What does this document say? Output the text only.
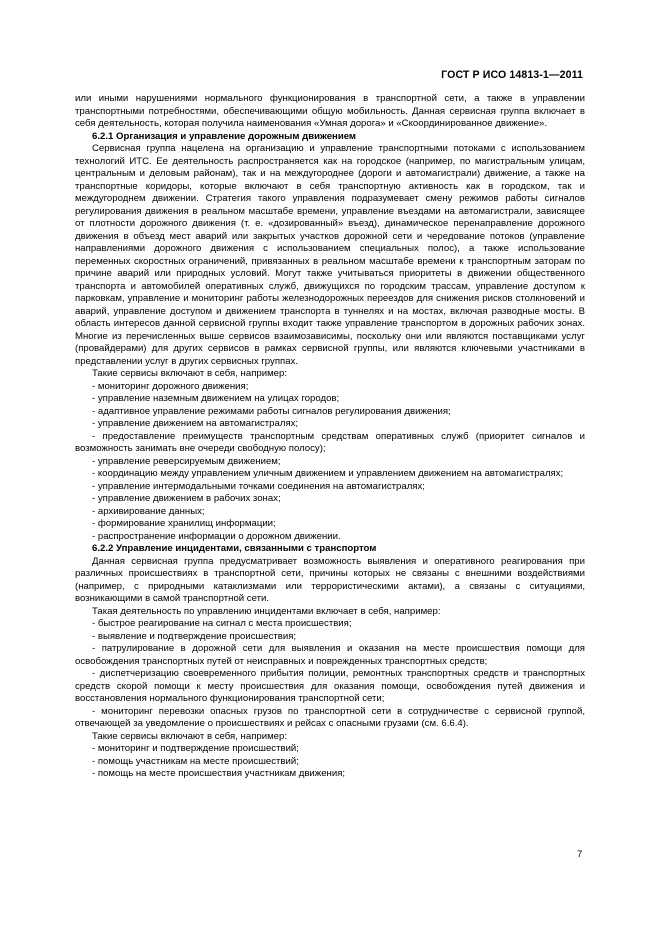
ГОСТ Р ИСО 14813-1—2011

или иными нарушениями нормального функционирования в транспортной сети, а также в управлении транспортными потребностями, обеспечивающими общую мобильность. Данная сервисная группа включает в себя деятельность, которая получила наименования «Умная дорога» и «Скоординированное движение».

6.2.1 Организация и управление дорожным движением

Сервисная группа нацелена на организацию и управление транспортными потоками с использованием технологий ИТС. Ее деятельность распространяется как на городское (например, по магистральным улицам, центральным и деловым районам), так и на междугороднее (дороги и автомагистрали) движение, а также на транспортные коридоры, которые включают в себя транспортную активность как в городском, так и междугороднем движении. Стратегия такого управления подразумевает смену режимов работы сигналов регулирования движения в реальном масштабе времени, управление въездами на автомагистрали, зависящее от плотности дорожного движения (т. е. «дозированный» въезд), динамическое перенаправление дорожного движения в объезд мест аварий или закрытых участков дорожной сети и чередование потоков (управление направлениями дорожного движения с использованием специальных полос), а также использование переменных скоростных ограничений, привязанных в реальном масштабе времени к транспортным заторам по причине аварий или природных условий. Могут также учитываться приоритеты в движении общественного транспорта и автомобилей оперативных служб, движущихся по городским трассам, управление доступом к парковкам, управление и мониторинг работы железнодорожных переездов для снижения рисков столкновений и аварий, управление доступом и движением транспорта в туннелях и на мостах, включая разводные мосты. В область интересов данной сервисной группы входит также управление транспортом в дорожных рабочих зонах. Многие из перечисленных выше сервисов взаимозависимы, поскольку они или являются поставщиками услуг (провайдерами) для других сервисов в рамках сервисной группы, или являются ключевыми участниками в представлении услуг в других сервисных группах.

Такие сервисы включают в себя, например:

- мониторинг дорожного движения;

- управление наземным движением на улицах городов;

- адаптивное управление режимами работы сигналов регулирования движения;

- управление движением на автомагистралях;

- предоставление преимуществ транспортным средствам оперативных служб (приоритет сигналов и возможность занимать вне очереди свободную полосу);

- управление реверсируемым движением;

- координацию между управлением уличным движением и управлением движением на автомагистралях;

- управление интермодальными точками соединения на автомагистралях;

- управление движением в рабочих зонах;

- архивирование данных;

- формирование хранилищ информации;

- распространение информации о дорожном движении.

6.2.2 Управление инцидентами, связанными с транспортом

Данная сервисная группа предусматривает возможность выявления и оперативного реагирования при различных происшествиях в транспортной сети, причины которых не связаны с внешними воздействиями (например, с природными катаклизмами или террористическими актами), а связаны с ситуациями, возникающими в самой транспортной сети.

Такая деятельность по управлению инцидентами включает в себя, например:

- быстрое реагирование на сигнал с места происшествия;

- выявление и подтверждение происшествия;

- патрулирование в дорожной сети для выявления и оказания на месте происшествия помощи для освобождения транспортных путей от неисправных и поврежденных транспортных средств;

- диспетчеризацию своевременного прибытия полиции, ремонтных транспортных средств и транспортных средств скорой помощи к месту происшествия для оказания помощи, освобождения путей движения и восстановления нормального функционирования транспортной сети;

- мониторинг перевозки опасных грузов по транспортной сети в сотрудничестве с сервисной группой, отвечающей за уведомление о происшествиях и рейсах с опасными грузами (см. 6.6.4).

Такие сервисы включают в себя, например:

- мониторинг и подтверждение происшествий;

- помощь участникам на месте происшествий;

- помощь на месте происшествия участникам движения;

7
